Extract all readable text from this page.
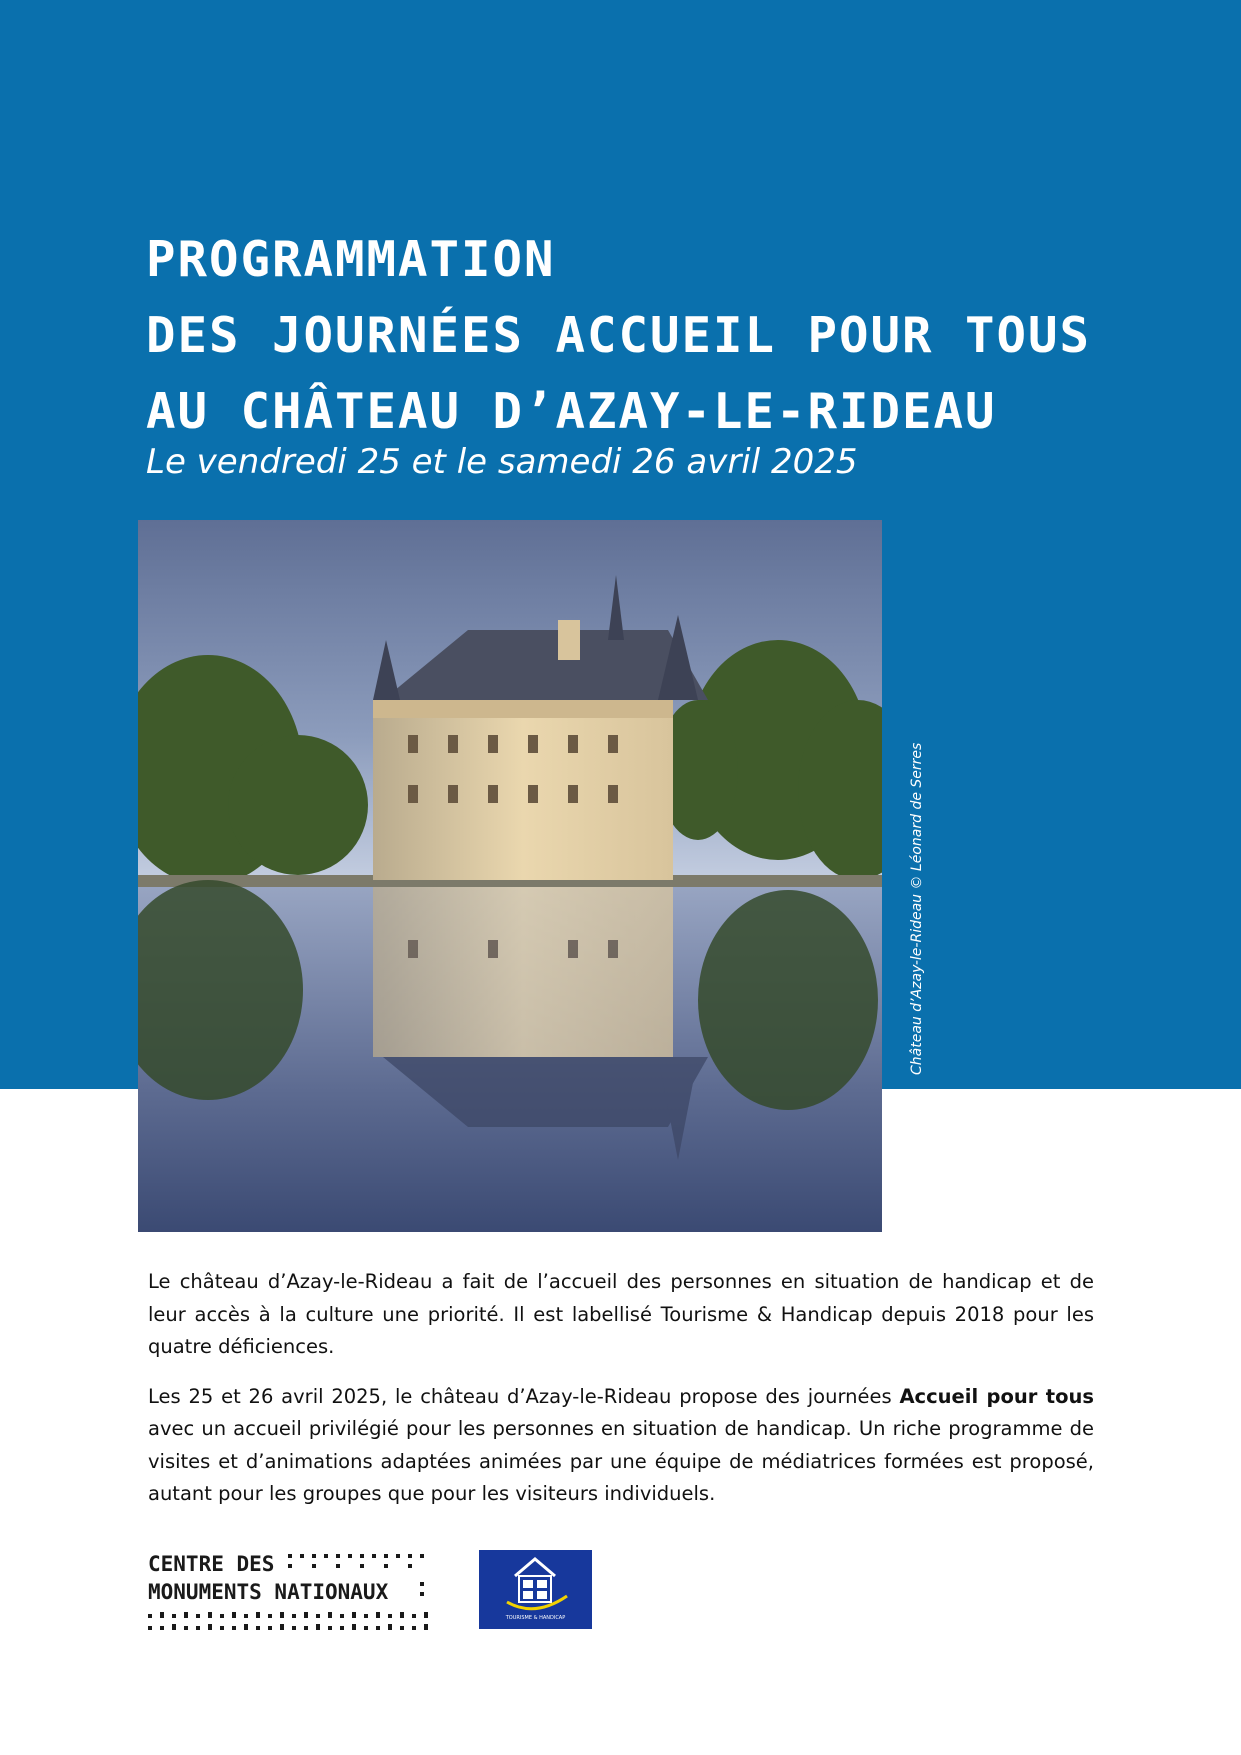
PROGRAMMATION
DES JOURNÉES ACCUEIL POUR TOUS
AU CHÂTEAU D’AZAY-LE-RIDEAU
Le vendredi 25 et le samedi 26 avril 2025
Château d’Azay-le-Rideau © Léonard de Serres

Le château d’Azay-le-Rideau a fait de l’accueil des personnes en situation de handicap et de leur accès à la culture une priorité. Il est labellisé Tourisme & Handicap depuis 2018 pour les quatre déficiences.

Les 25 et 26 avril 2025, le château d’Azay-le-Rideau propose des journées Accueil pour tous avec un accueil privilégié pour les personnes en situation de handicap. Un riche programme de visites et d’animations adaptées animées par une équipe de médiatrices formées est proposé, autant pour les groupes que pour les visiteurs individuels.

CENTRE DES
MONUMENTS NATIONAUX
TOURISME & HANDICAP
